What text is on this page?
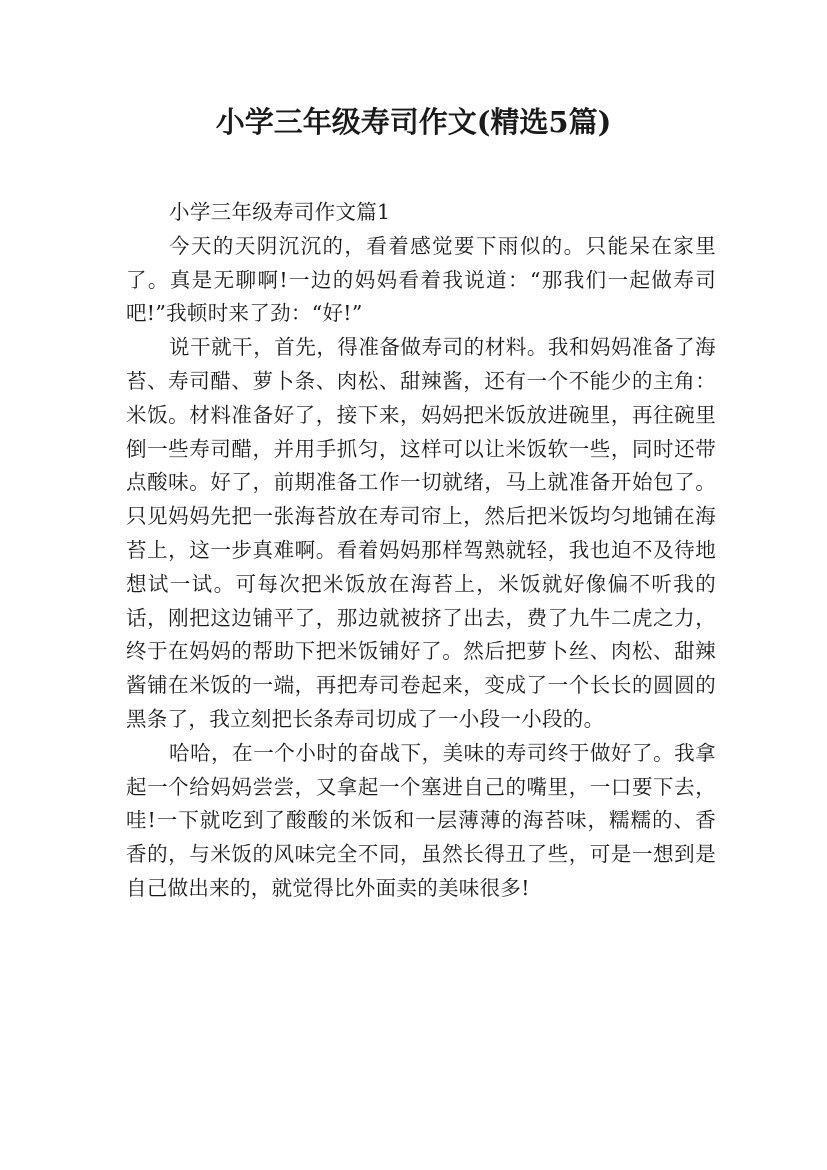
小学三年级寿司作文(精选5篇)

小学三年级寿司作文篇1

今天的天阴沉沉的，看着感觉要下雨似的。只能呆在家里了。真是无聊啊!一边的妈妈看着我说道：“那我们一起做寿司吧!”我顿时来了劲：“好!”

说干就干，首先，得准备做寿司的材料。我和妈妈准备了海苔、寿司醋、萝卜条、肉松、甜辣酱，还有一个不能少的主角：米饭。材料准备好了，接下来，妈妈把米饭放进碗里，再往碗里倒一些寿司醋，并用手抓匀，这样可以让米饭软一些，同时还带点酸味。好了，前期准备工作一切就绪，马上就准备开始包了。只见妈妈先把一张海苔放在寿司帘上，然后把米饭均匀地铺在海苔上，这一步真难啊。看着妈妈那样驾熟就轻，我也迫不及待地想试一试。可每次把米饭放在海苔上，米饭就好像偏不听我的话，刚把这边铺平了，那边就被挤了出去，费了九牛二虎之力，终于在妈妈的帮助下把米饭铺好了。然后把萝卜丝、肉松、甜辣酱铺在米饭的一端，再把寿司卷起来，变成了一个长长的圆圆的黑条了，我立刻把长条寿司切成了一小段一小段的。

哈哈，在一个小时的奋战下，美味的寿司终于做好了。我拿起一个给妈妈尝尝，又拿起一个塞进自己的嘴里，一口要下去，哇!一下就吃到了酸酸的米饭和一层薄薄的海苔味，糯糯的、香香的，与米饭的风味完全不同，虽然长得丑了些，可是一想到是自己做出来的，就觉得比外面卖的美味很多!
